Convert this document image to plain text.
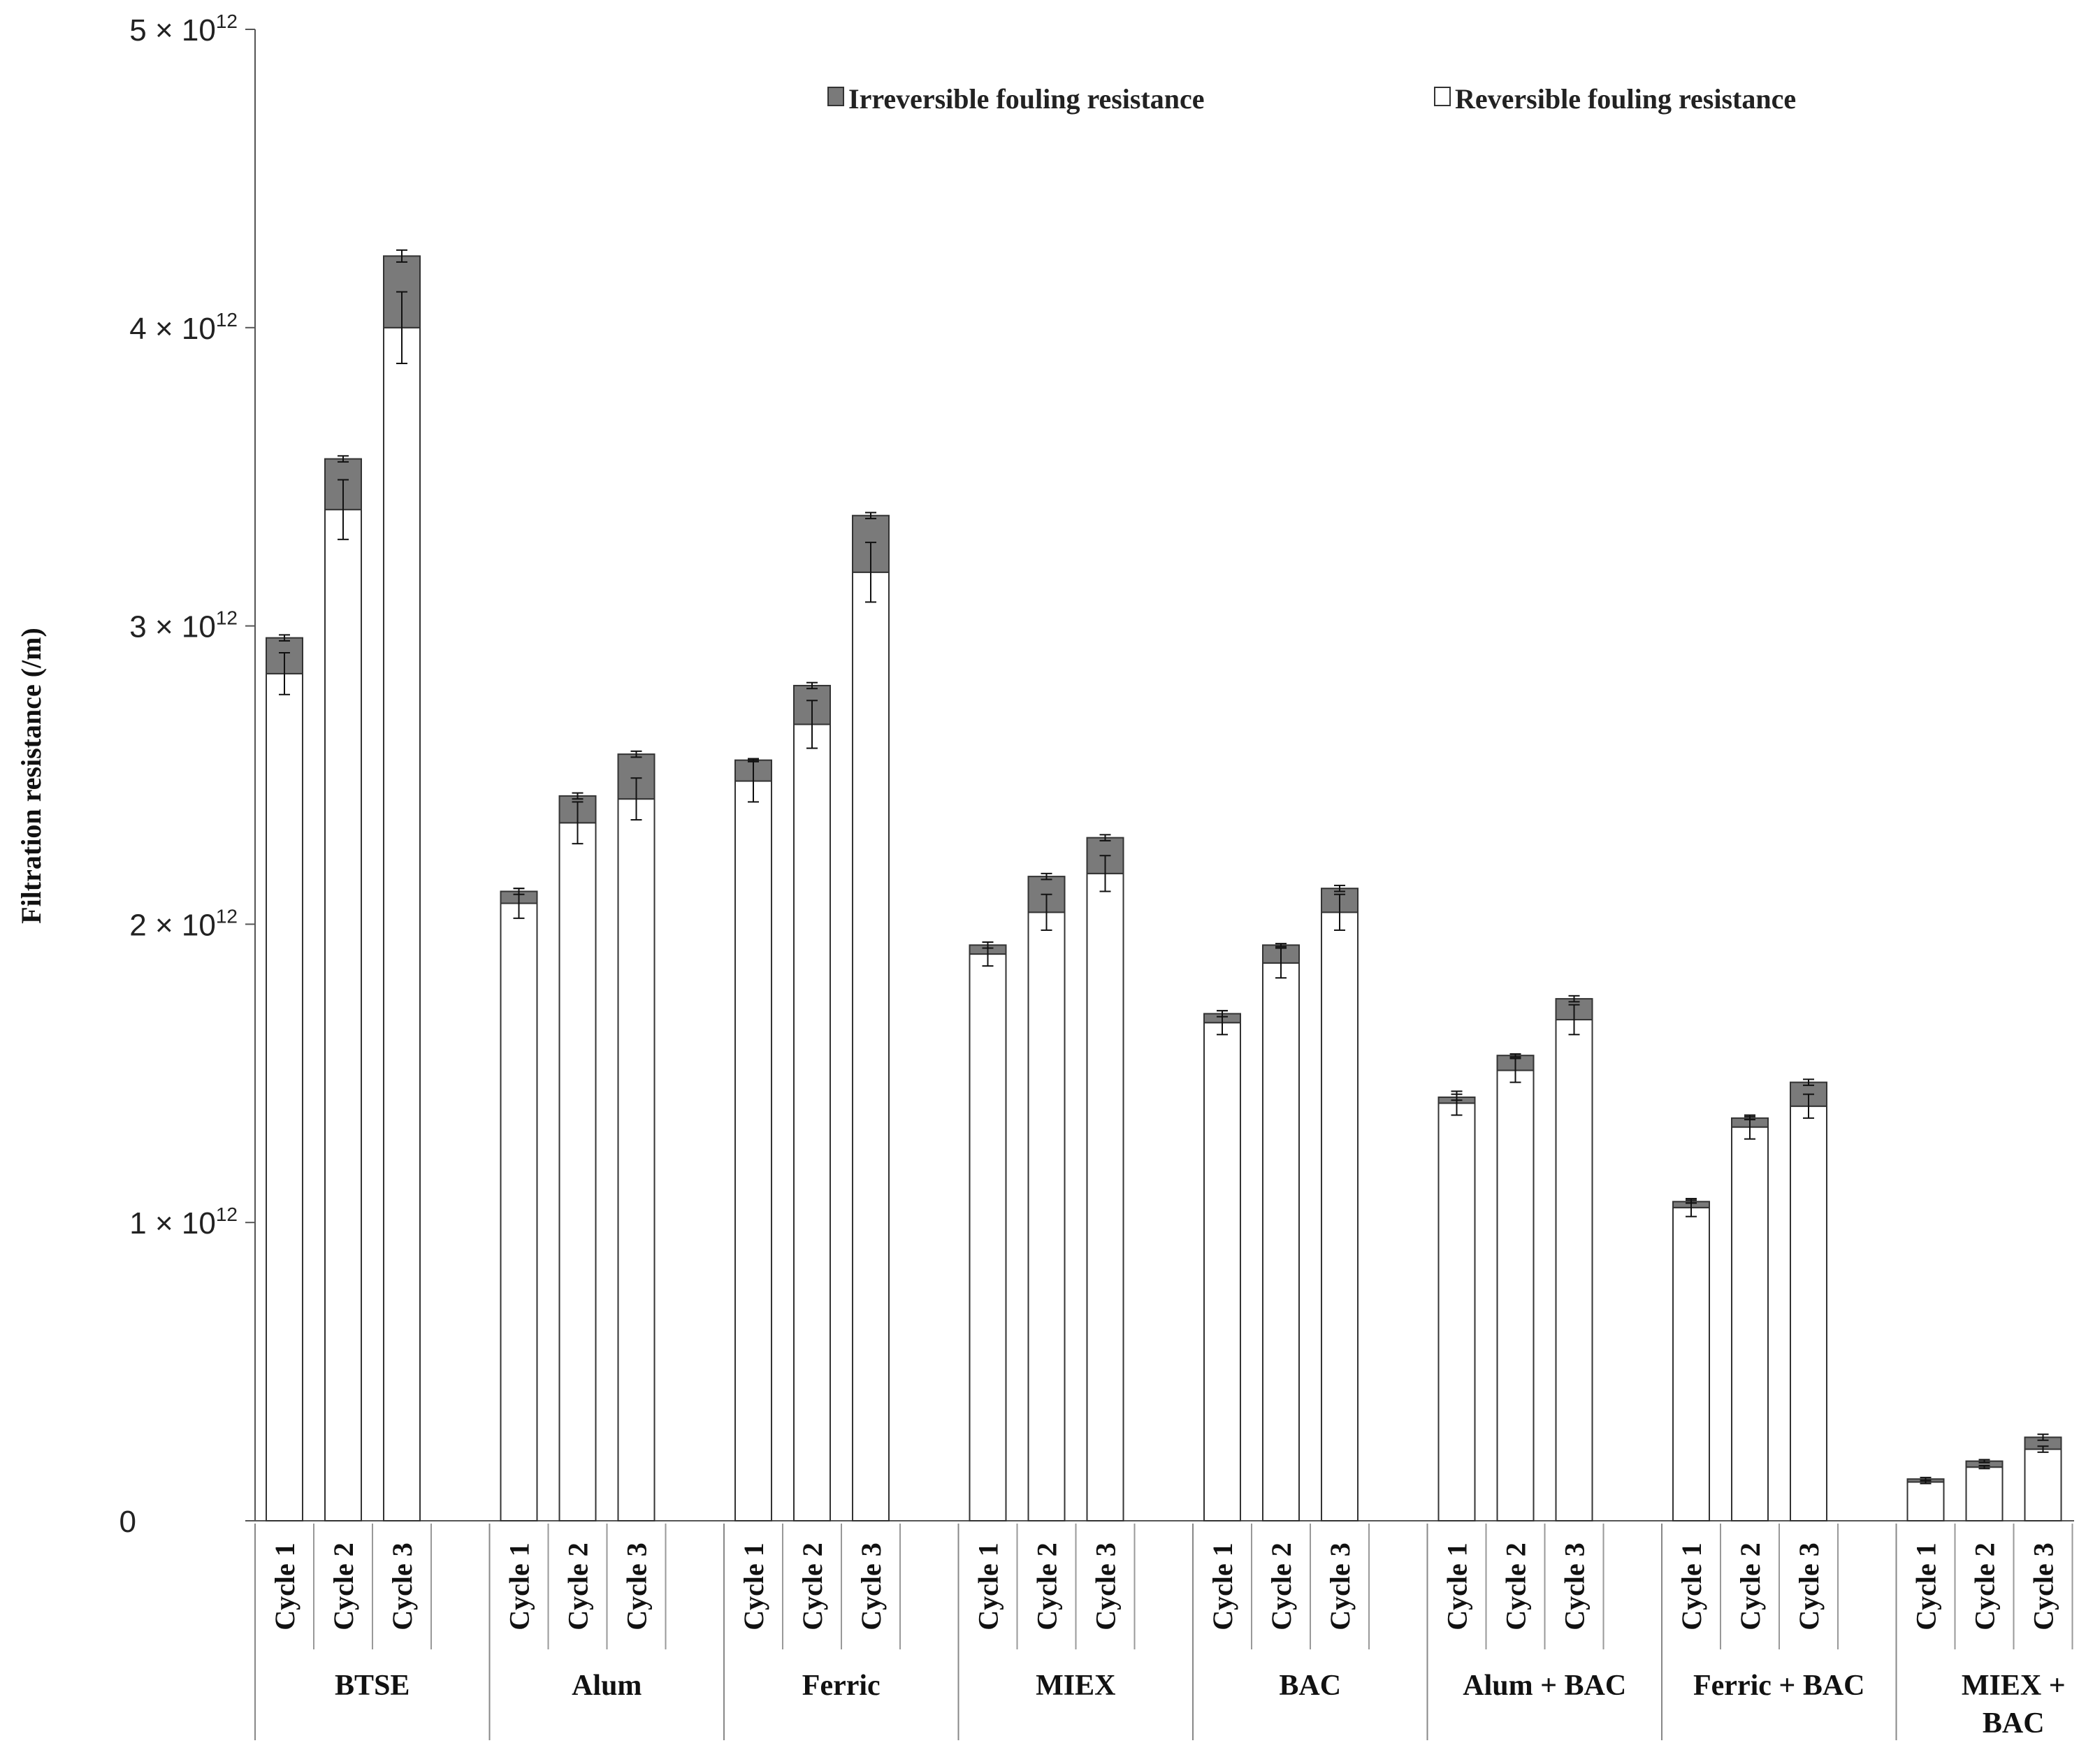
0
$1 \times 10^{12}$
$2 \times 10^{12}$
$3 \times 10^{12}$
$4 \times 10^{12}$
$5 \times 10^{12}$
Filtration resistance (/m)
Irreversible fouling resistance	Reversible fouling resistance
Cycle 1 Cycle 2 Cycle 3
BTSE
Cycle 1 Cycle 2 Cycle 3
Alum
Cycle 1 Cycle 2 Cycle 3
Ferric
Cycle 1 Cycle 2 Cycle 3
MIEX
Cycle 1 Cycle 2 Cycle 3
BAC
Cycle 1 Cycle 2 Cycle 3
Alum + BAC
Cycle 1 Cycle 2 Cycle 3
Ferric + BAC
Cycle 1 Cycle 2 Cycle 3
MIEX +
BAC
